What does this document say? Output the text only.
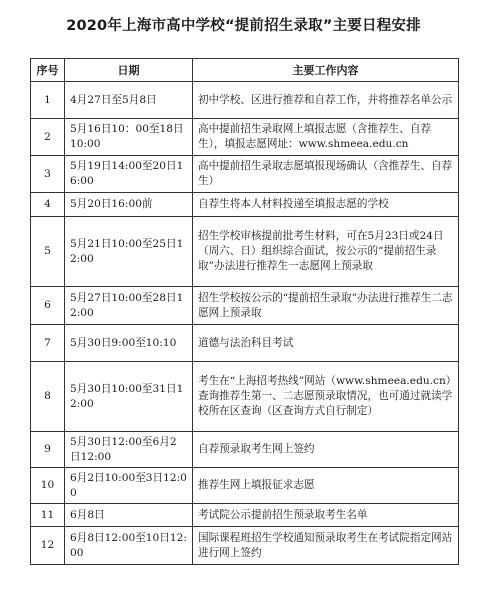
2020年上海市高中学校“提前招生录取”主要日程安排
序号	日期	主要工作内容
1	4月27日至5月8日	初中学校、区进行推荐和自荐工作，并将推荐名单公示
2	5月16日10：00至18日10:00	高中提前招生录取网上填报志愿（含推荐生、自荐生），填报志愿网址：www.shmeea.edu.cn
3	5月19日14:00至20日16:00	高中提前招生录取志愿填报现场确认（含推荐生、自荐生）
4	5月20日16:00前	自荐生将本人材料投递至填报志愿的学校
5	5月21日10:00至25日12:00	招生学校审核提前批考生材料，可在5月23日或24日（周六、日）组织综合面试，按公示的“提前招生录取”办法进行推荐生一志愿网上预录取
6	5月27日10:00至28日12:00	招生学校按公示的“提前招生录取”办法进行推荐生二志愿网上预录取
7	5月30日9:00至10:10	道德与法治科目考试
8	5月30日10:00至31日12:00	考生在“上海招考热线”网站（www.shmeea.edu.cn）查询推荐生第一、二志愿预录取情况，也可通过就读学校所在区查询（区查询方式自行制定）
9	5月30日12:00至6月2日12:00	自荐预录取考生网上签约
10	6月2日10:00至3日12:00	推荐生网上填报征求志愿
11	6月8日	考试院公示提前招生预录取考生名单
12	6月8日12:00至10日12:00	国际课程班招生学校通知预录取考生在考试院指定网站进行网上签约
